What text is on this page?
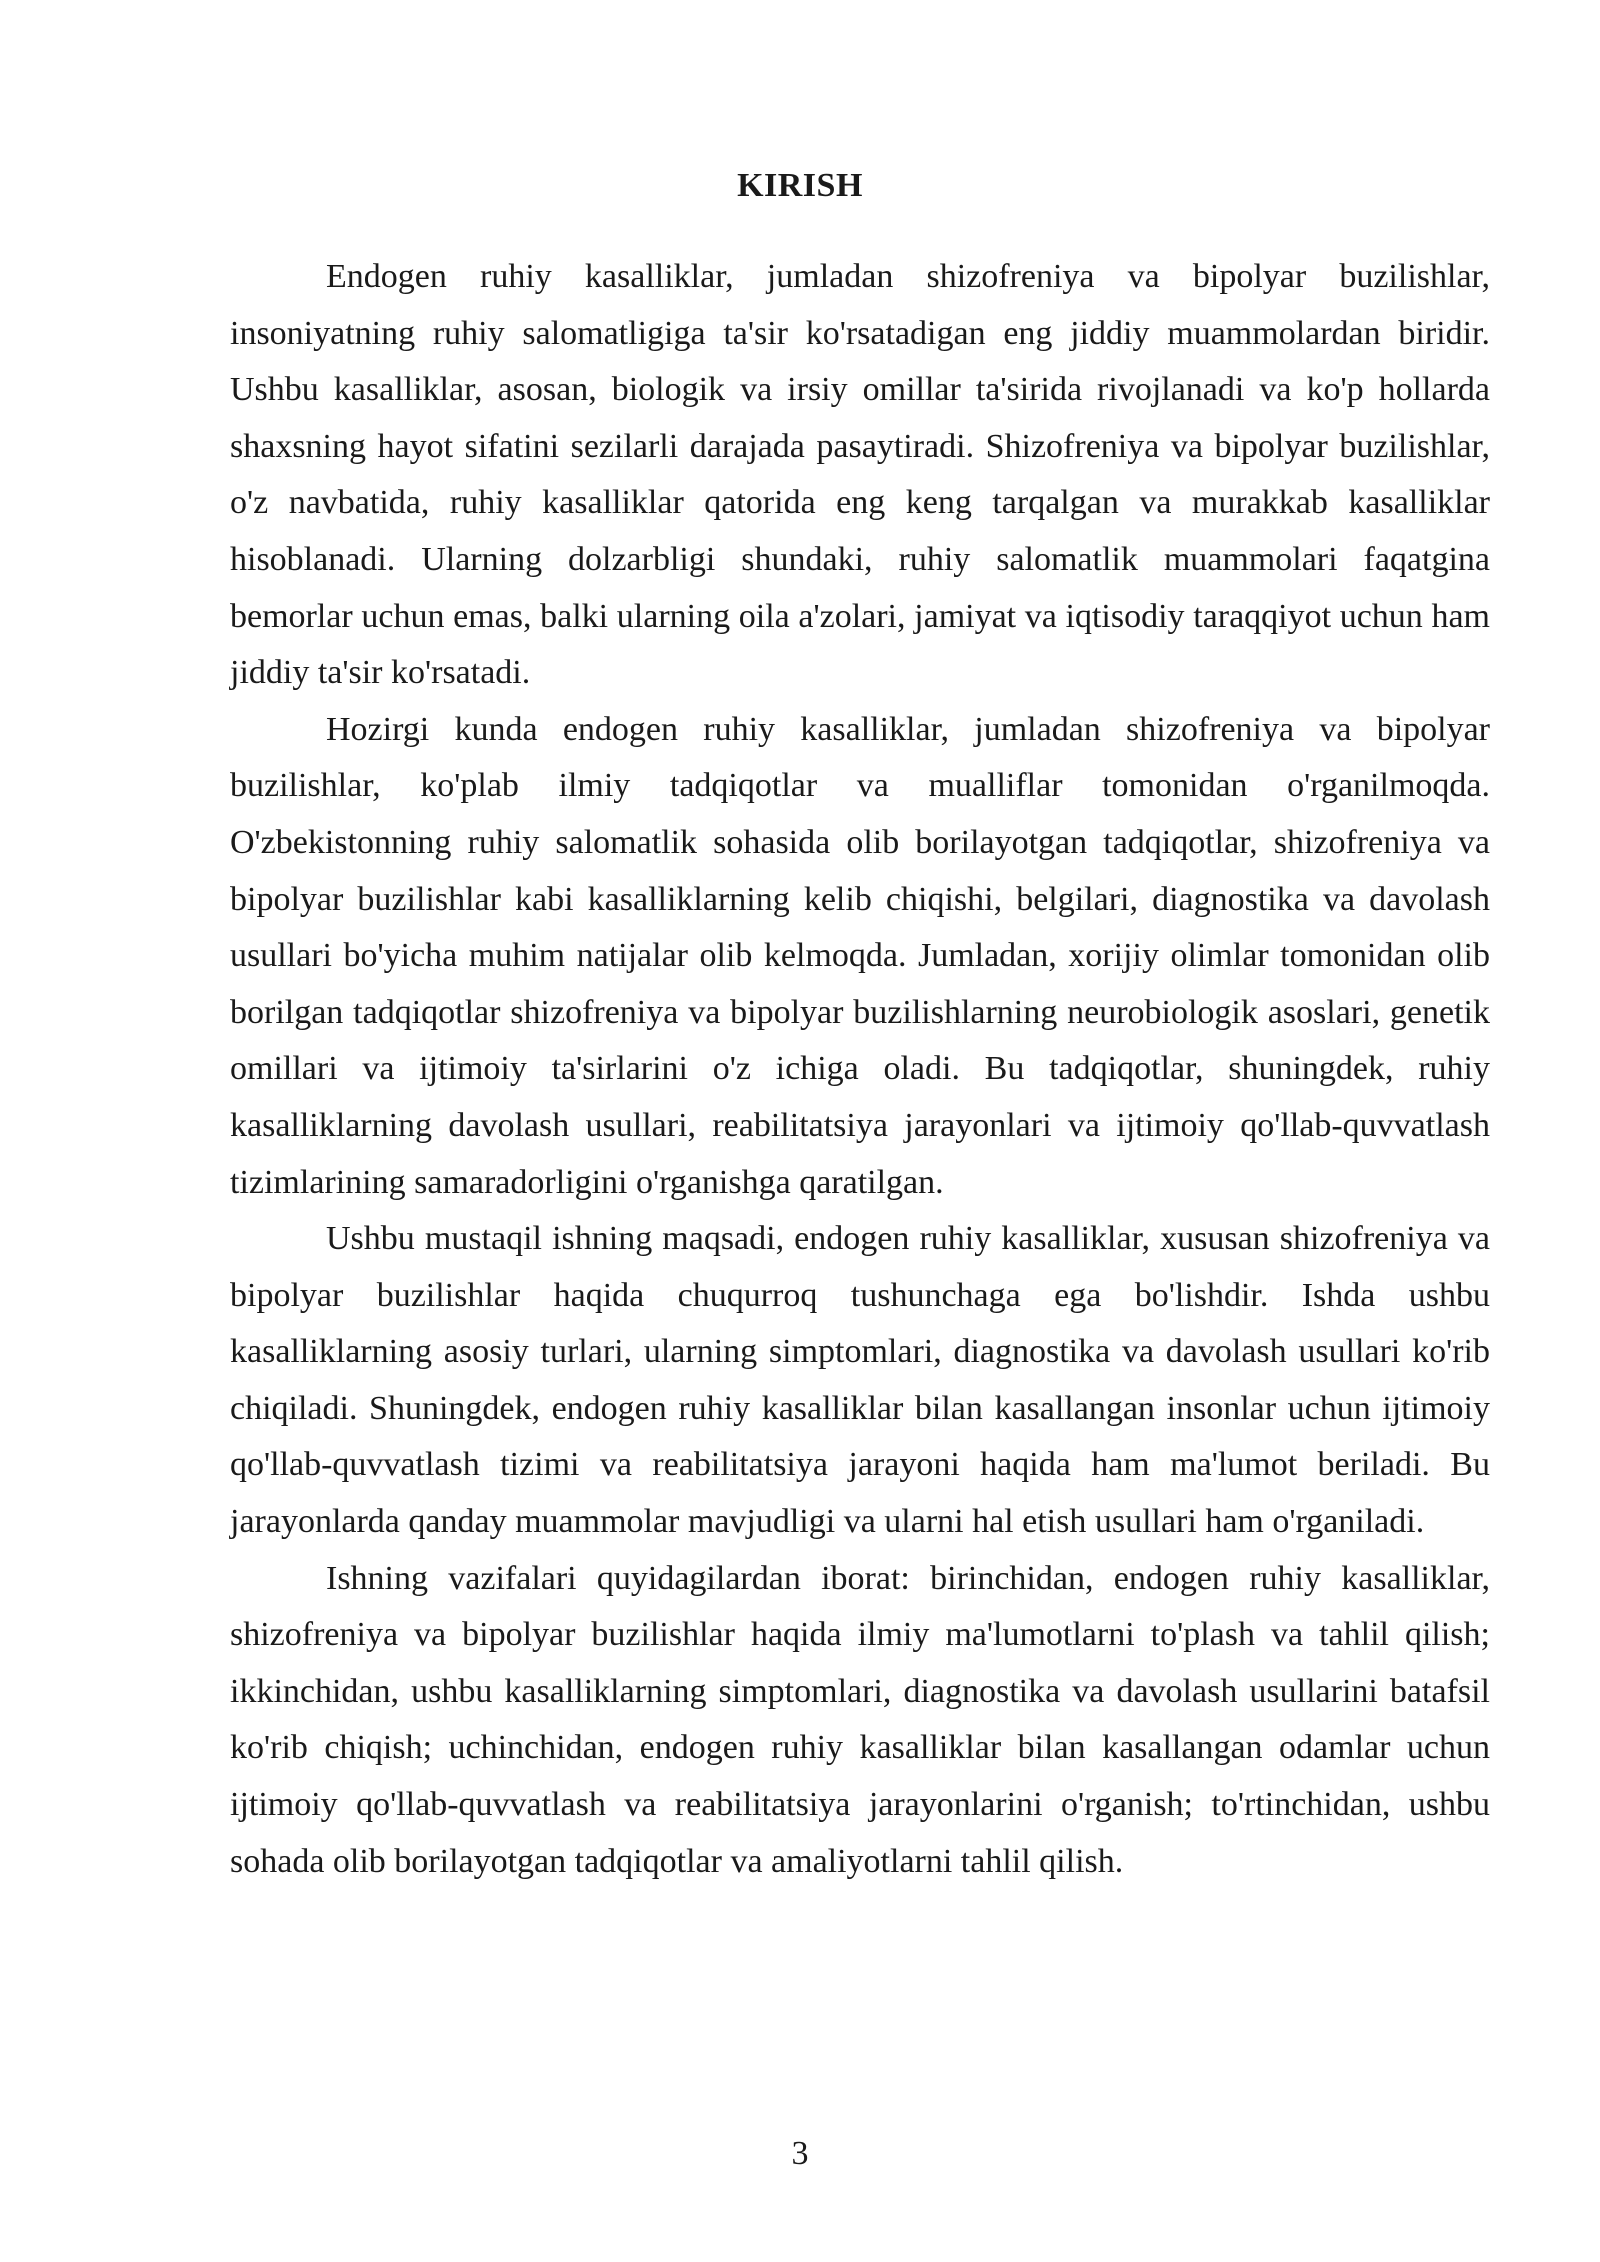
KIRISH

Endogen ruhiy kasalliklar, jumladan shizofreniya va bipolyar buzilishlar, insoniyatning ruhiy salomatligiga ta'sir ko'rsatadigan eng jiddiy muammolardan biridir. Ushbu kasalliklar, asosan, biologik va irsiy omillar ta'sirida rivojlanadi va ko'p hollarda shaxsning hayot sifatini sezilarli darajada pasaytiradi. Shizofreniya va bipolyar buzilishlar, o'z navbatida, ruhiy kasalliklar qatorida eng keng tarqalgan va murakkab kasalliklar hisoblanadi. Ularning dolzarbligi shundaki, ruhiy salomatlik muammolari faqatgina bemorlar uchun emas, balki ularning oila a'zolari, jamiyat va iqtisodiy taraqqiyot uchun ham jiddiy ta'sir ko'rsatadi.

Hozirgi kunda endogen ruhiy kasalliklar, jumladan shizofreniya va bipolyar buzilishlar, ko'plab ilmiy tadqiqotlar va mualliflar tomonidan o'rganilmoqda. O'zbekistonning ruhiy salomatlik sohasida olib borilayotgan tadqiqotlar, shizofreniya va bipolyar buzilishlar kabi kasalliklarning kelib chiqishi, belgilari, diagnostika va davolash usullari bo'yicha muhim natijalar olib kelmoqda. Jumladan, xorijiy olimlar tomonidan olib borilgan tadqiqotlar shizofreniya va bipolyar buzilishlarning neurobiologik asoslari, genetik omillari va ijtimoiy ta'sirlarini o'z ichiga oladi. Bu tadqiqotlar, shuningdek, ruhiy kasalliklarning davolash usullari, reabilitatsiya jarayonlari va ijtimoiy qo'llab-quvvatlash tizimlarining samaradorligini o'rganishga qaratilgan.

Ushbu mustaqil ishning maqsadi, endogen ruhiy kasalliklar, xususan shizofreniya va bipolyar buzilishlar haqida chuqurroq tushunchaga ega bo'lishdir. Ishda ushbu kasalliklarning asosiy turlari, ularning simptomlari, diagnostika va davolash usullari ko'rib chiqiladi. Shuningdek, endogen ruhiy kasalliklar bilan kasallangan insonlar uchun ijtimoiy qo'llab-quvvatlash tizimi va reabilitatsiya jarayoni haqida ham ma'lumot beriladi. Bu jarayonlarda qanday muammolar mavjudligi va ularni hal etish usullari ham o'rganiladi.

Ishning vazifalari quyidagilardan iborat: birinchidan, endogen ruhiy kasalliklar, shizofreniya va bipolyar buzilishlar haqida ilmiy ma'lumotlarni to'plash va tahlil qilish; ikkinchidan, ushbu kasalliklarning simptomlari, diagnostika va davolash usullarini batafsil ko'rib chiqish; uchinchidan, endogen ruhiy kasalliklar bilan kasallangan odamlar uchun ijtimoiy qo'llab-quvvatlash va reabilitatsiya jarayonlarini o'rganish; to'rtinchidan, ushbu sohada olib borilayotgan tadqiqotlar va amaliyotlarni tahlil qilish.

3
